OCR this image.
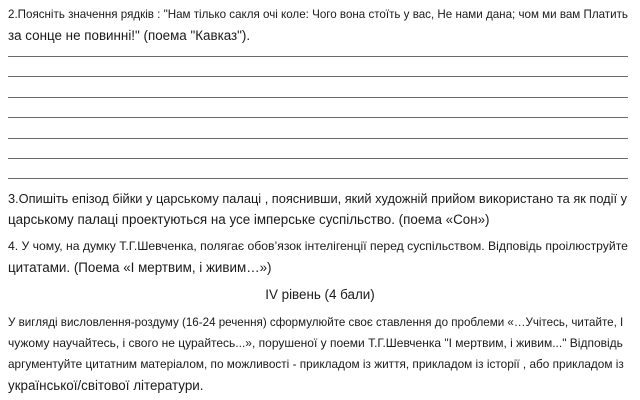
2.Поясніть значення рядків : "Нам тілько сакля очі коле: Чого вона стоїть у вас, Не нами дана; чом ми вам Платить
за сонце не повинні!" (поема "Кавказ").
3.Опишіть епізод бійки у царському палаці , пояснивши, який художній прийом використано та як події у
царському палаці проектуються на усе імперське суспільство. (поема «Сон»)
4. У чому, на думку Т.Г.Шевченка, полягає обов’язок інтелігенції перед суспільством. Відповідь проілюструйте
цитатами. (Поема «І мертвим, і живим…»)
IV рівень (4 бали)
У вигляді висловлення-роздуму (16-24 речення) сформулюйте своє ставлення до проблеми «…Учітесь, читайте, І
чужому научайтесь, і свого не цурайтесь...», порушеної у поеми Т.Г.Шевченка "І мертвим, і живим..." Відповідь
аргументуйте цитатним матеріалом, по можливості - прикладом із життя, прикладом із історії , або прикладом із
української/світової літератури.
